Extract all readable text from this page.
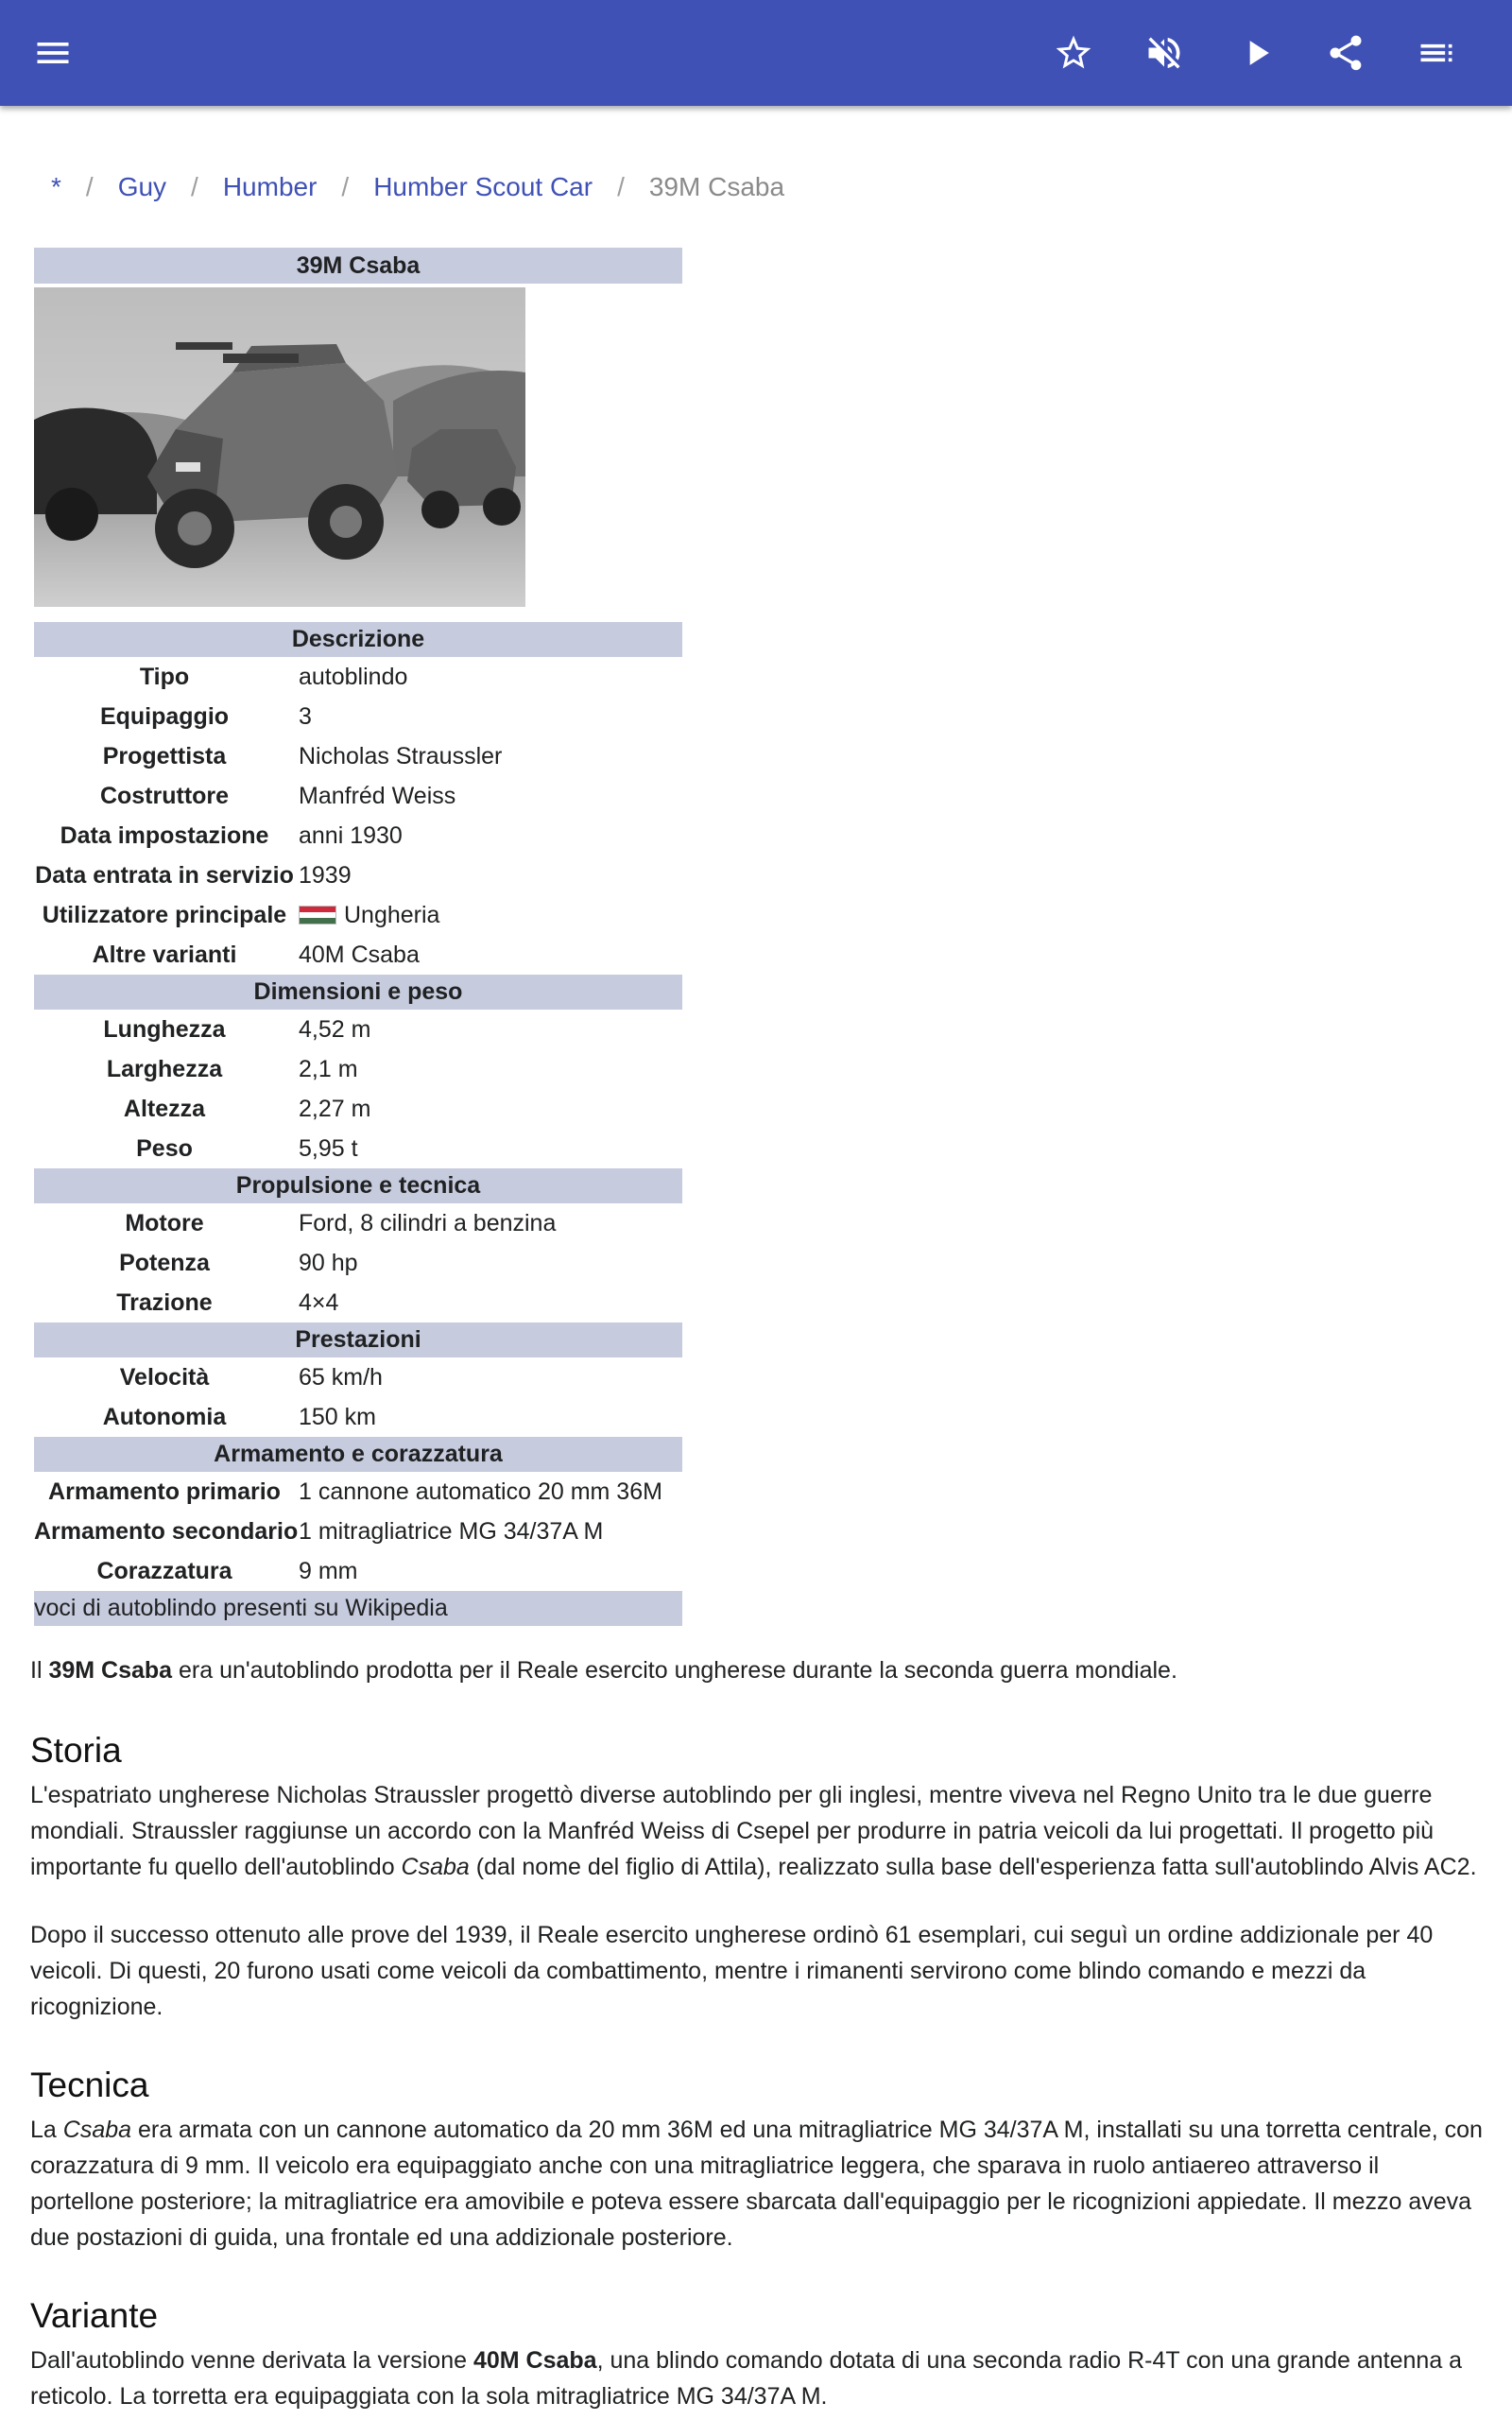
* / Guy / Humber / Humber Scout Car / 39M Csaba
39M Csaba
Descrizione
Tipo	autoblindo
Equipaggio	3
Progettista	Nicholas Straussler
Costruttore	Manfréd Weiss
Data impostazione	anni 1930
Data entrata in servizio 1939
Utilizzatore principale	Ungheria
Altre varianti	40M Csaba
Dimensioni e peso
Lunghezza	4,52 m
Larghezza	2,1 m
Altezza	2,27 m
Peso	5,95 t
Propulsione e tecnica
Motore	Ford, 8 cilindri a benzina
Potenza	90 hp
Trazione	4×4
Prestazioni
Velocità	65 km/h
Autonomia	150 km
Armamento e corazzatura
Armamento primario 1 cannone automatico 20 mm 36M
Armamento secondario 1 mitragliatrice MG 34/37A M
Corazzatura	9 mm
voci di autoblindo presenti su Wikipedia

Il 39M Csaba era un'autoblindo prodotta per il Reale esercito ungherese durante la seconda guerra mondiale.

Storia

L'espatriato ungherese Nicholas Straussler progettò diverse autoblindo per gli inglesi, mentre viveva nel Regno Unito tra le due guerre mondiali. Straussler raggiunse un accordo con la Manfréd Weiss di Csepel per produrre in patria veicoli da lui progettati. Il progetto più importante fu quello dell'autoblindo Csaba (dal nome del figlio di Attila), realizzato sulla base dell'esperienza fatta sull'autoblindo Alvis AC2.

Dopo il successo ottenuto alle prove del 1939, il Reale esercito ungherese ordinò 61 esemplari, cui seguì un ordine addizionale per 40 veicoli. Di questi, 20 furono usati come veicoli da combattimento, mentre i rimanenti servirono come blindo comando e mezzi da ricognizione.

Tecnica

La Csaba era armata con un cannone automatico da 20 mm 36M ed una mitragliatrice MG 34/37A M, installati su una torretta centrale, con corazzatura di 9 mm. Il veicolo era equipaggiato anche con una mitragliatrice leggera, che sparava in ruolo antiaereo attraverso il portellone posteriore; la mitragliatrice era amovibile e poteva essere sbarcata dall'equipaggio per le ricognizioni appiedate. Il mezzo aveva due postazioni di guida, una frontale ed una addizionale posteriore.

Variante

Dall'autoblindo venne derivata la versione 40M Csaba, una blindo comando dotata di una seconda radio R-4T con una grande antenna a reticolo. La torretta era equipaggiata con la sola mitragliatrice MG 34/37A M.
